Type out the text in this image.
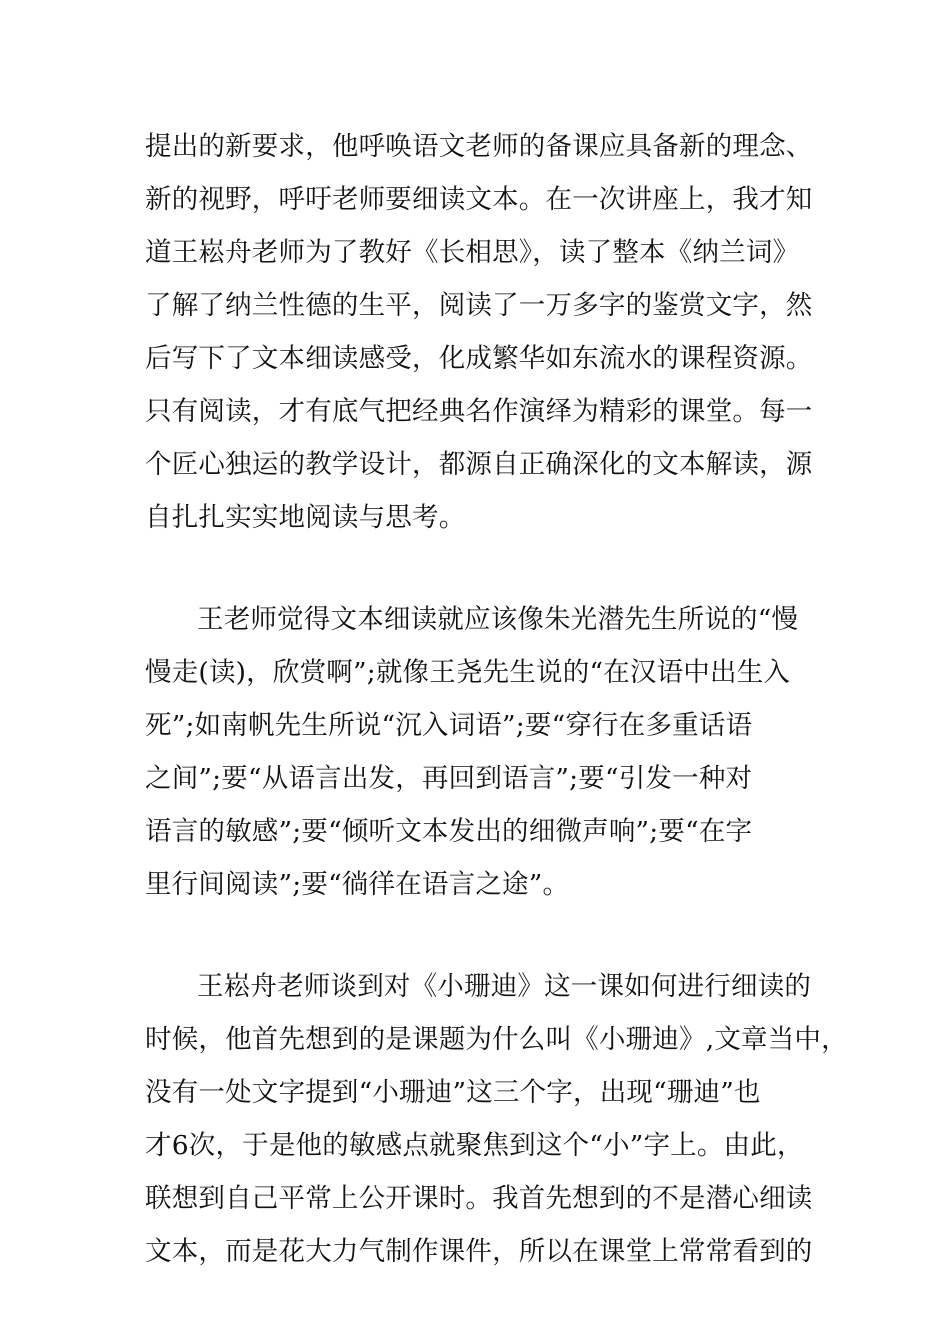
提出的新要求，他呼唤语文老师的备课应具备新的理念、
新的视野，呼吁老师要细读文本。在一次讲座上，我才知
道王崧舟老师为了教好《长相思》，读了整本《纳兰词》
了解了纳兰性德的生平，阅读了一万多字的鉴赏文字，然
后写下了文本细读感受，化成繁华如东流水的课程资源。
只有阅读，才有底气把经典名作演绎为精彩的课堂。每一
个匠心独运的教学设计，都源自正确深化的文本解读，源
自扎扎实实地阅读与思考。
王老师觉得文本细读就应该像朱光潜先生所说的“慢
慢走(读)，欣赏啊”;就像王尧先生说的“在汉语中出生入
死”;如南帆先生所说“沉入词语”;要“穿行在多重话语
之间”;要“从语言出发，再回到语言”;要“引发一种对
语言的敏感”;要“倾听文本发出的细微声响”;要“在字
里行间阅读”;要“徜徉在语言之途”。
王崧舟老师谈到对《小珊迪》这一课如何进行细读的
时候，他首先想到的是课题为什么叫《小珊迪》,文章当中，
没有一处文字提到“小珊迪”这三个字，出现“珊迪”也
才6次，于是他的敏感点就聚焦到这个“小”字上。由此，
联想到自己平常上公开课时。我首先想到的不是潜心细读
文本，而是花大力气制作课件，所以在课堂上常常看到的
